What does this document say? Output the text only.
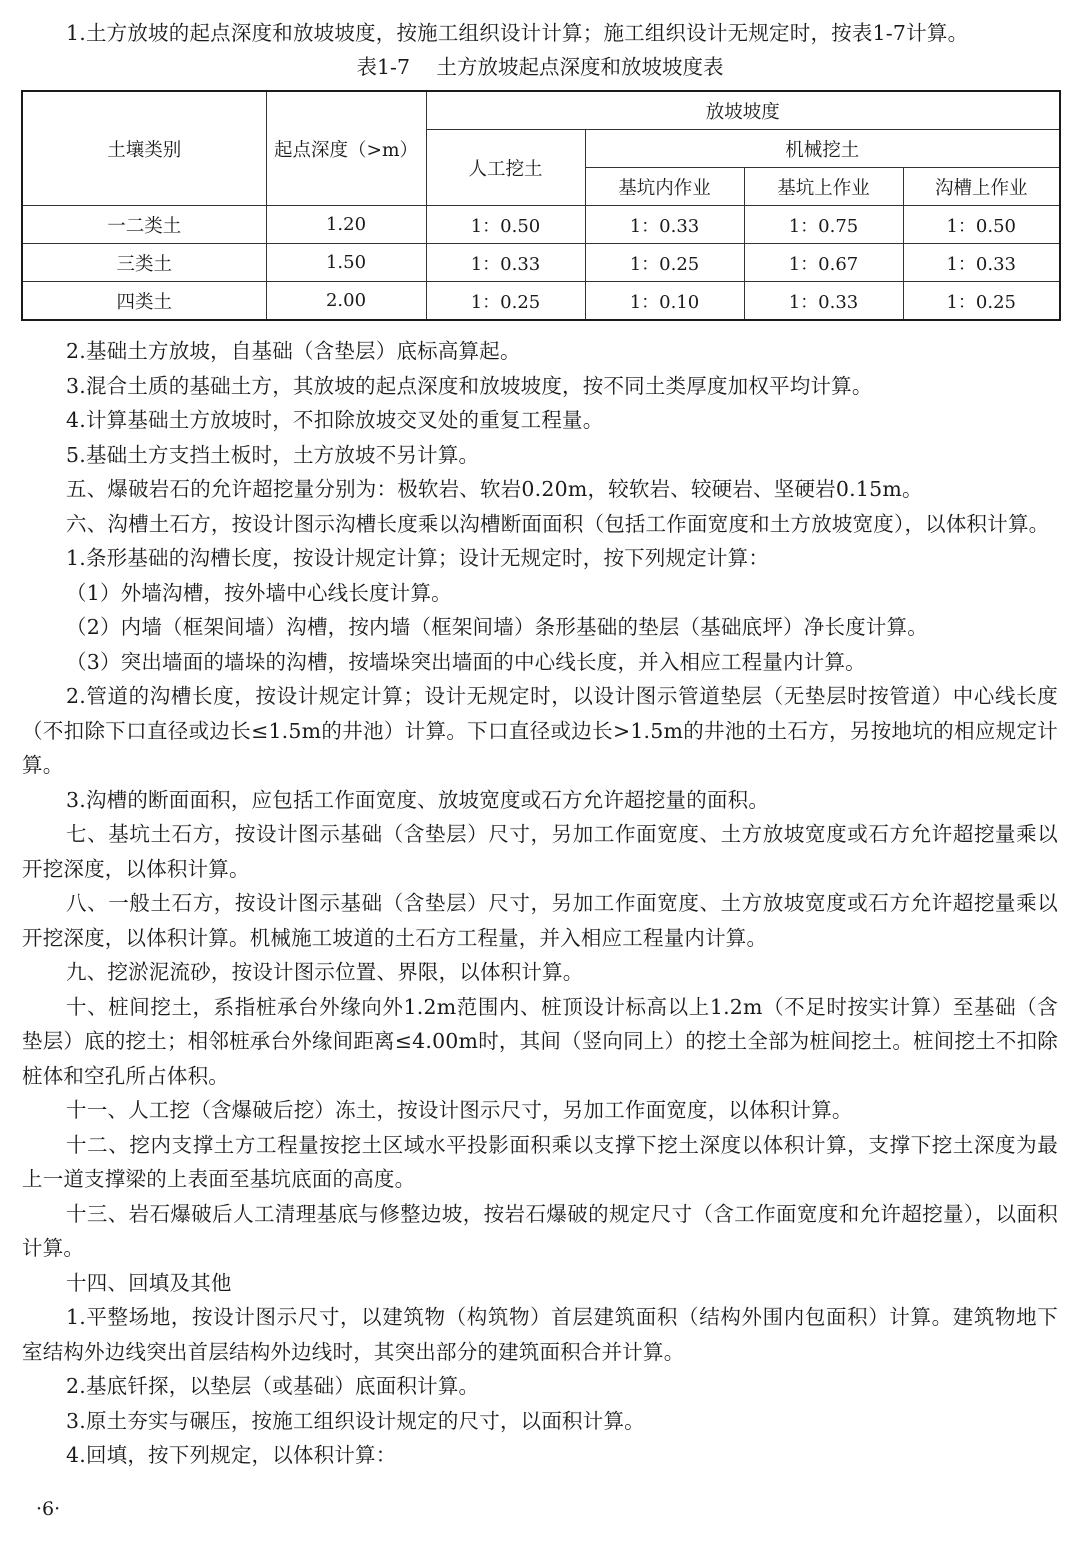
1.土方放坡的起点深度和放坡坡度，按施工组织设计计算；施工组织设计无规定时，按表1-7计算。

表1-7 土方放坡起点深度和放坡坡度表
土壤类别	起点深度（>m）	放坡坡度			
		人工挖土	机械挖土		
			基坑内作业	基坑上作业	沟槽上作业
一二类土	1.20	1：0.50	1：0.33	1：0.75	1：0.50
三类土	1.50	1：0.33	1：0.25	1：0.67	1：0.33
四类土	2.00	1：0.25	1：0.10	1：0.33	1：0.25

2.基础土方放坡，自基础（含垫层）底标高算起。

3.混合土质的基础土方，其放坡的起点深度和放坡坡度，按不同土类厚度加权平均计算。

4.计算基础土方放坡时，不扣除放坡交叉处的重复工程量。

5.基础土方支挡土板时，土方放坡不另计算。

五、爆破岩石的允许超挖量分别为：极软岩、软岩0.20m，较软岩、较硬岩、坚硬岩0.15m。

六、沟槽土石方，按设计图示沟槽长度乘以沟槽断面面积（包括工作面宽度和土方放坡宽度），以体积计算。

1.条形基础的沟槽长度，按设计规定计算；设计无规定时，按下列规定计算：

（1）外墙沟槽，按外墙中心线长度计算。

（2）内墙（框架间墙）沟槽，按内墙（框架间墙）条形基础的垫层（基础底坪）净长度计算。

（3）突出墙面的墙垛的沟槽，按墙垛突出墙面的中心线长度，并入相应工程量内计算。

2.管道的沟槽长度，按设计规定计算；设计无规定时，以设计图示管道垫层（无垫层时按管道）中心线长度（不扣除下口直径或边长≤1.5m的井池）计算。下口直径或边长>1.5m的井池的土石方，另按地坑的相应规定计算。

3.沟槽的断面面积，应包括工作面宽度、放坡宽度或石方允许超挖量的面积。

七、基坑土石方，按设计图示基础（含垫层）尺寸，另加工作面宽度、土方放坡宽度或石方允许超挖量乘以开挖深度，以体积计算。

八、一般土石方，按设计图示基础（含垫层）尺寸，另加工作面宽度、土方放坡宽度或石方允许超挖量乘以开挖深度，以体积计算。机械施工坡道的土石方工程量，并入相应工程量内计算。

九、挖淤泥流砂，按设计图示位置、界限，以体积计算。

十、桩间挖土，系指桩承台外缘向外1.2m范围内、桩顶设计标高以上1.2m（不足时按实计算）至基础（含垫层）底的挖土；相邻桩承台外缘间距离≤4.00m时，其间（竖向同上）的挖土全部为桩间挖土。桩间挖土不扣除桩体和空孔所占体积。

十一、人工挖（含爆破后挖）冻土，按设计图示尺寸，另加工作面宽度，以体积计算。

十二、挖内支撑土方工程量按挖土区域水平投影面积乘以支撑下挖土深度以体积计算，支撑下挖土深度为最上一道支撑梁的上表面至基坑底面的高度。

十三、岩石爆破后人工清理基底与修整边坡，按岩石爆破的规定尺寸（含工作面宽度和允许超挖量），以面积计算。

十四、回填及其他

1.平整场地，按设计图示尺寸，以建筑物（构筑物）首层建筑面积（结构外围内包面积）计算。建筑物地下室结构外边线突出首层结构外边线时，其突出部分的建筑面积合并计算。

2.基底钎探，以垫层（或基础）底面积计算。

3.原土夯实与碾压，按施工组织设计规定的尺寸，以面积计算。

4.回填，按下列规定，以体积计算：

·6·
